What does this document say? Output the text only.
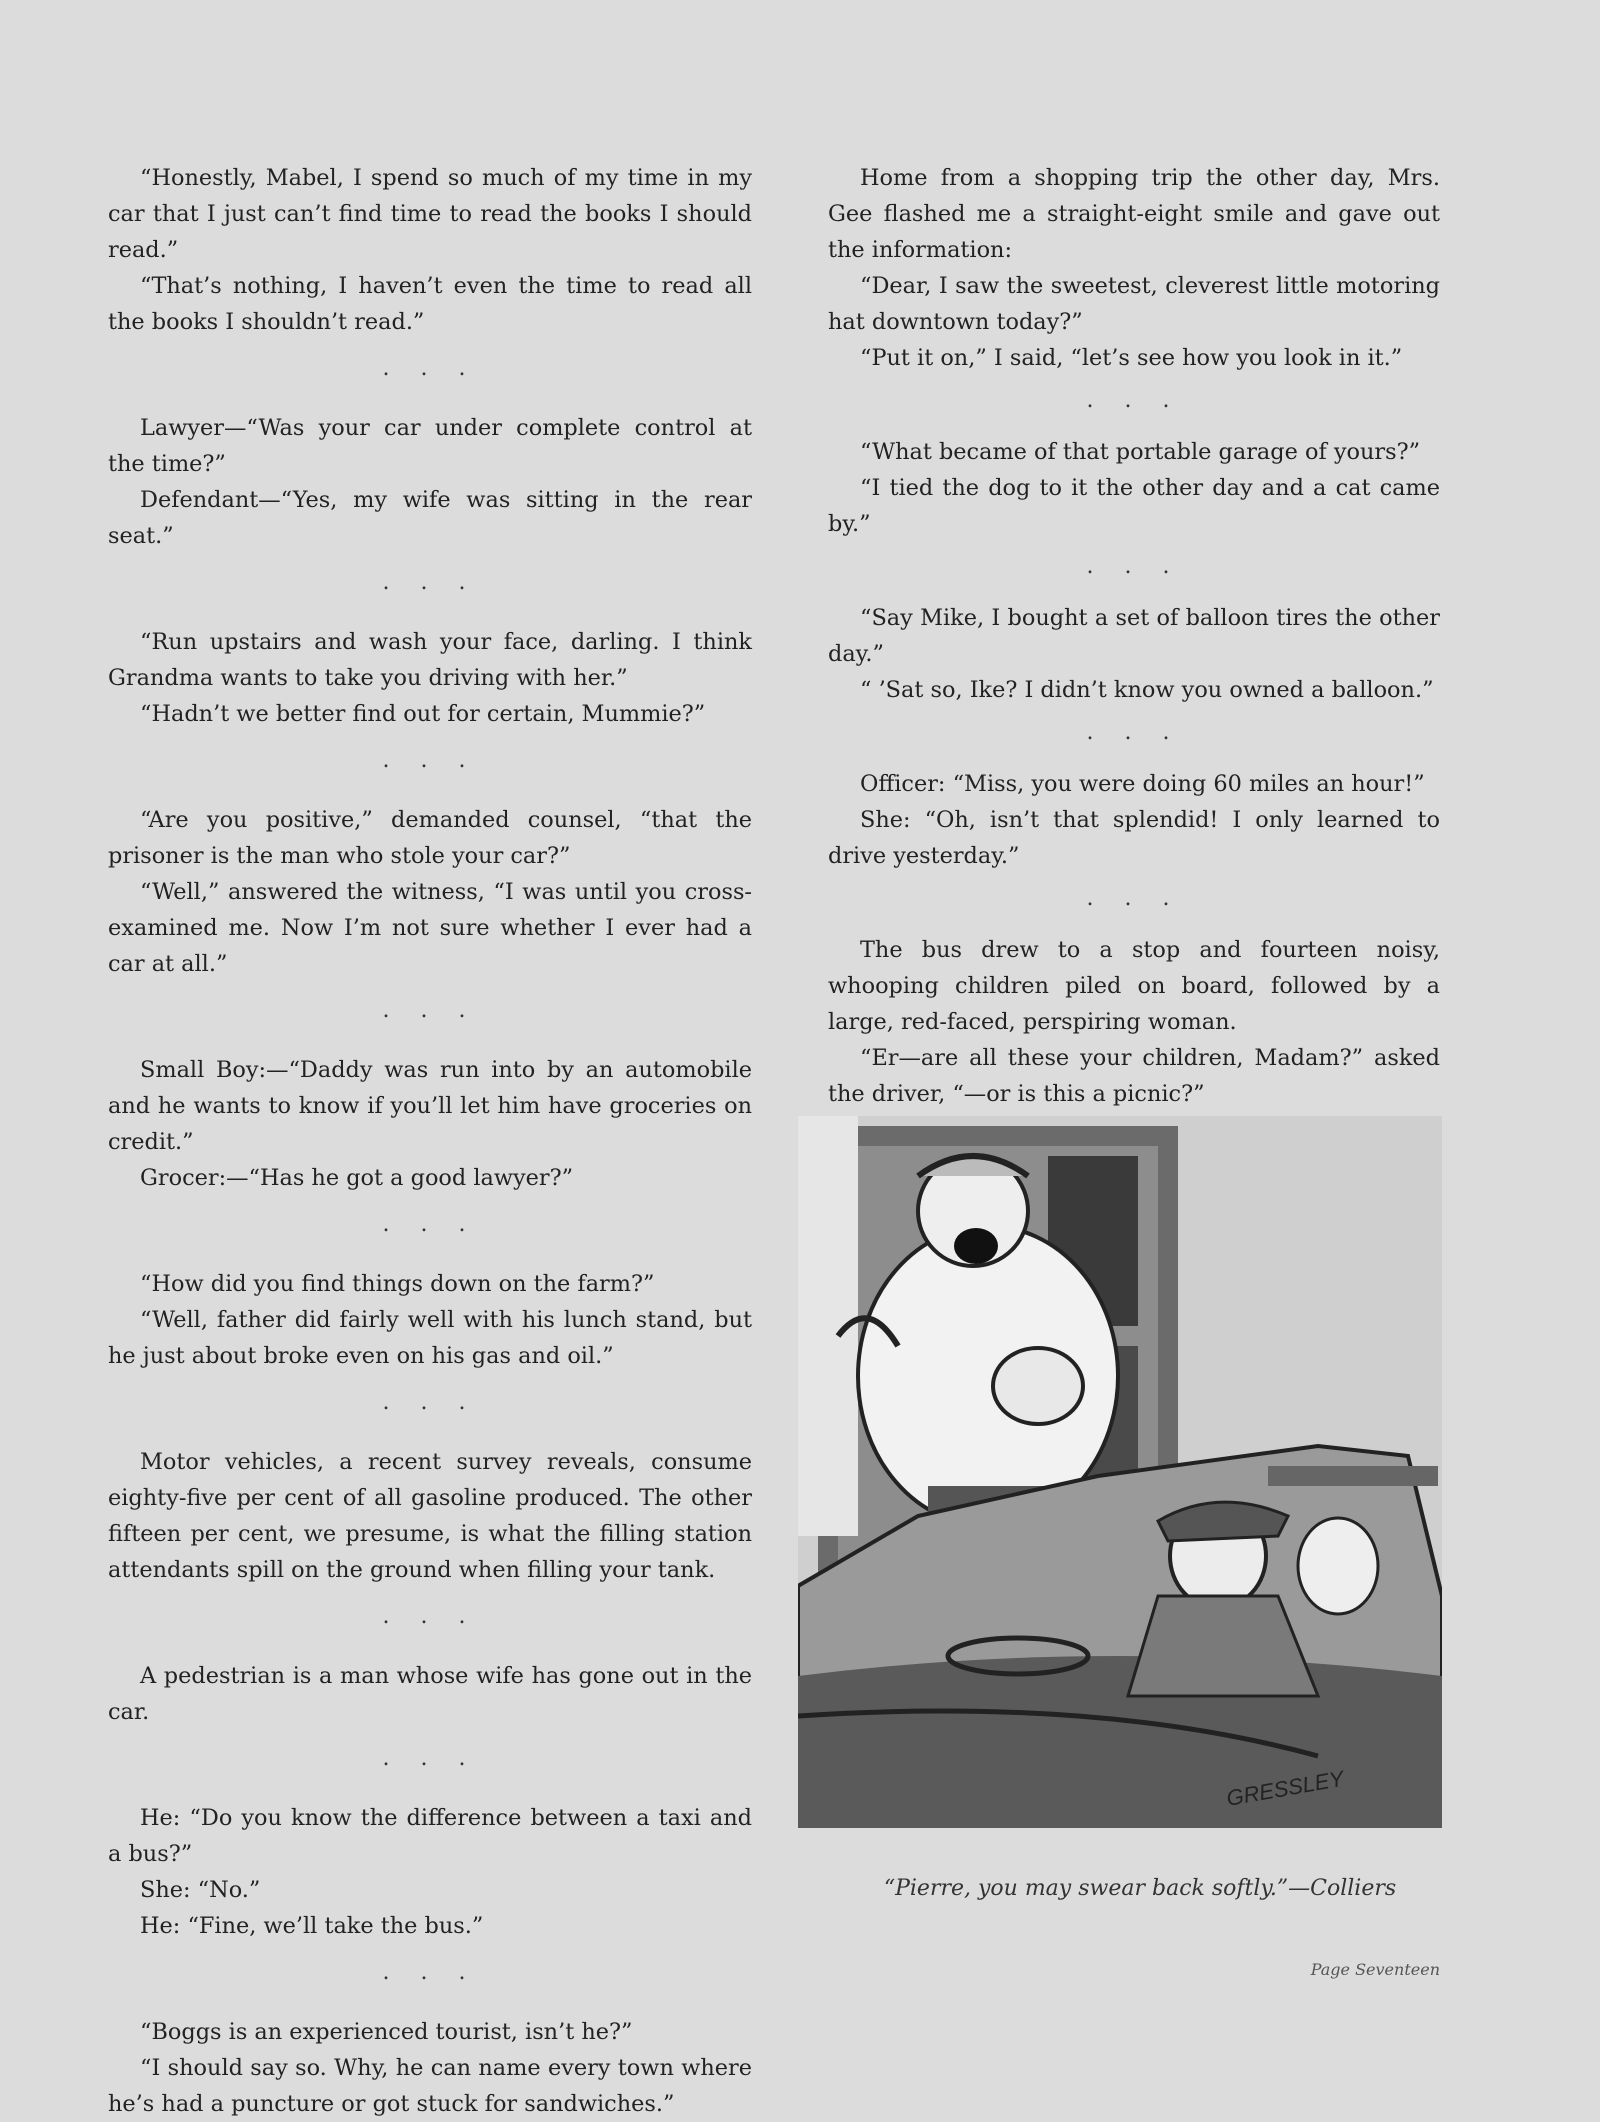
“Honestly, Mabel, I spend so much of my time in my car that I just can’t find time to read the books I should read.”

“That’s nothing, I haven’t even the time to read all the books I shouldn’t read.”

. . .

Lawyer—“Was your car under complete control at the time?”

Defendant—“Yes, my wife was sitting in the rear seat.”

. . .

“Run upstairs and wash your face, darling. I think Grandma wants to take you driving with her.”

“Hadn’t we better find out for certain, Mummie?”

. . .

“Are you positive,” demanded counsel, “that the prisoner is the man who stole your car?”

“Well,” answered the witness, “I was until you cross-examined me. Now I’m not sure whether I ever had a car at all.”

. . .

Small Boy:—“Daddy was run into by an automobile and he wants to know if you’ll let him have groceries on credit.”

Grocer:—“Has he got a good lawyer?”

. . .

“How did you find things down on the farm?”

“Well, father did fairly well with his lunch stand, but he just about broke even on his gas and oil.”

. . .

Motor vehicles, a recent survey reveals, consume eighty-five per cent of all gasoline produced. The other fifteen per cent, we presume, is what the filling station attendants spill on the ground when filling your tank.

. . .

A pedestrian is a man whose wife has gone out in the car.

. . .

He: “Do you know the difference between a taxi and a bus?”

She: “No.”

He: “Fine, we’ll take the bus.”

. . .

“Boggs is an experienced tourist, isn’t he?”

“I should say so. Why, he can name every town where he’s had a puncture or got stuck for sandwiches.”

Home from a shopping trip the other day, Mrs. Gee flashed me a straight-eight smile and gave out the information:

“Dear, I saw the sweetest, cleverest little motoring hat downtown today?”

“Put it on,” I said, “let’s see how you look in it.”

. . .

“What became of that portable garage of yours?”

“I tied the dog to it the other day and a cat came by.”

. . .

“Say Mike, I bought a set of balloon tires the other day.”

“ ’Sat so, Ike? I didn’t know you owned a balloon.”

. . .

Officer: “Miss, you were doing 60 miles an hour!”

She: “Oh, isn’t that splendid! I only learned to drive yesterday.”

. . .

The bus drew to a stop and fourteen noisy, whooping children piled on board, followed by a large, red-faced, perspiring woman.

“Er—are all these your children, Madam?” asked the driver, “—or is this a picnic?”

GRESSLEY
“Pierre, you may swear back softly.”—Colliers
Page Seventeen
